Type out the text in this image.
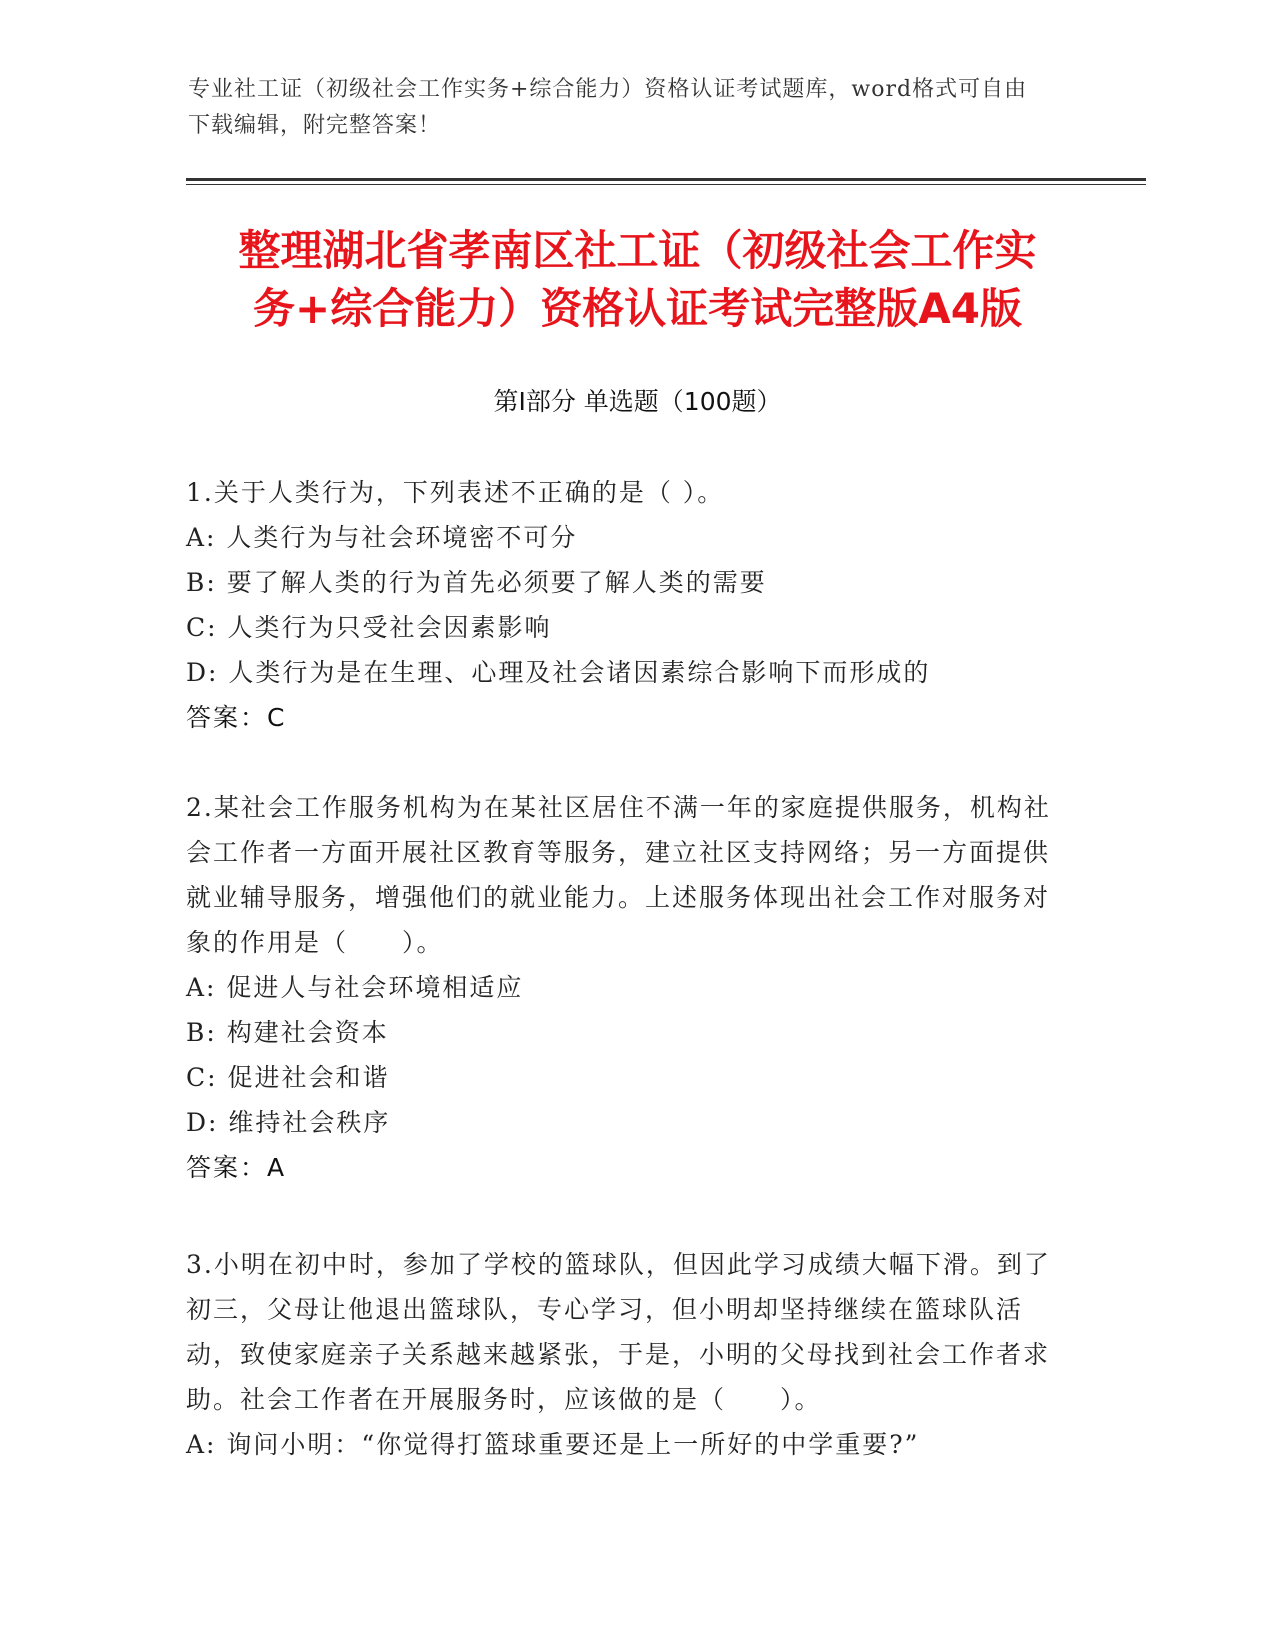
专业社工证（初级社会工作实务+综合能力）资格认证考试题库，word格式可自由
下载编辑，附完整答案！
整理湖北省孝南区社工证（初级社会工作实
务+综合能力）资格认证考试完整版A4版
第Ⅰ部分 单选题（100题）
1.关于人类行为，下列表述不正确的是（ ）。
A: 人类行为与社会环境密不可分
B: 要了解人类的行为首先必须要了解人类的需要
C: 人类行为只受社会因素影响
D: 人类行为是在生理、心理及社会诸因素综合影响下而形成的
答案：C
2.某社会工作服务机构为在某社区居住不满一年的家庭提供服务，机构社会工作者一方面开展社区教育等服务，建立社区支持网络；另一方面提供就业辅导服务，增强他们的就业能力。上述服务体现出社会工作对服务对象的作用是（　　）。
A: 促进人与社会环境相适应
B: 构建社会资本
C: 促进社会和谐
D: 维持社会秩序
答案：A
3.小明在初中时，参加了学校的篮球队，但因此学习成绩大幅下滑。到了初三，父母让他退出篮球队，专心学习，但小明却坚持继续在篮球队活动，致使家庭亲子关系越来越紧张，于是，小明的父母找到社会工作者求助。社会工作者在开展服务时，应该做的是（　　）。
A: 询问小明：“你觉得打篮球重要还是上一所好的中学重要?”
